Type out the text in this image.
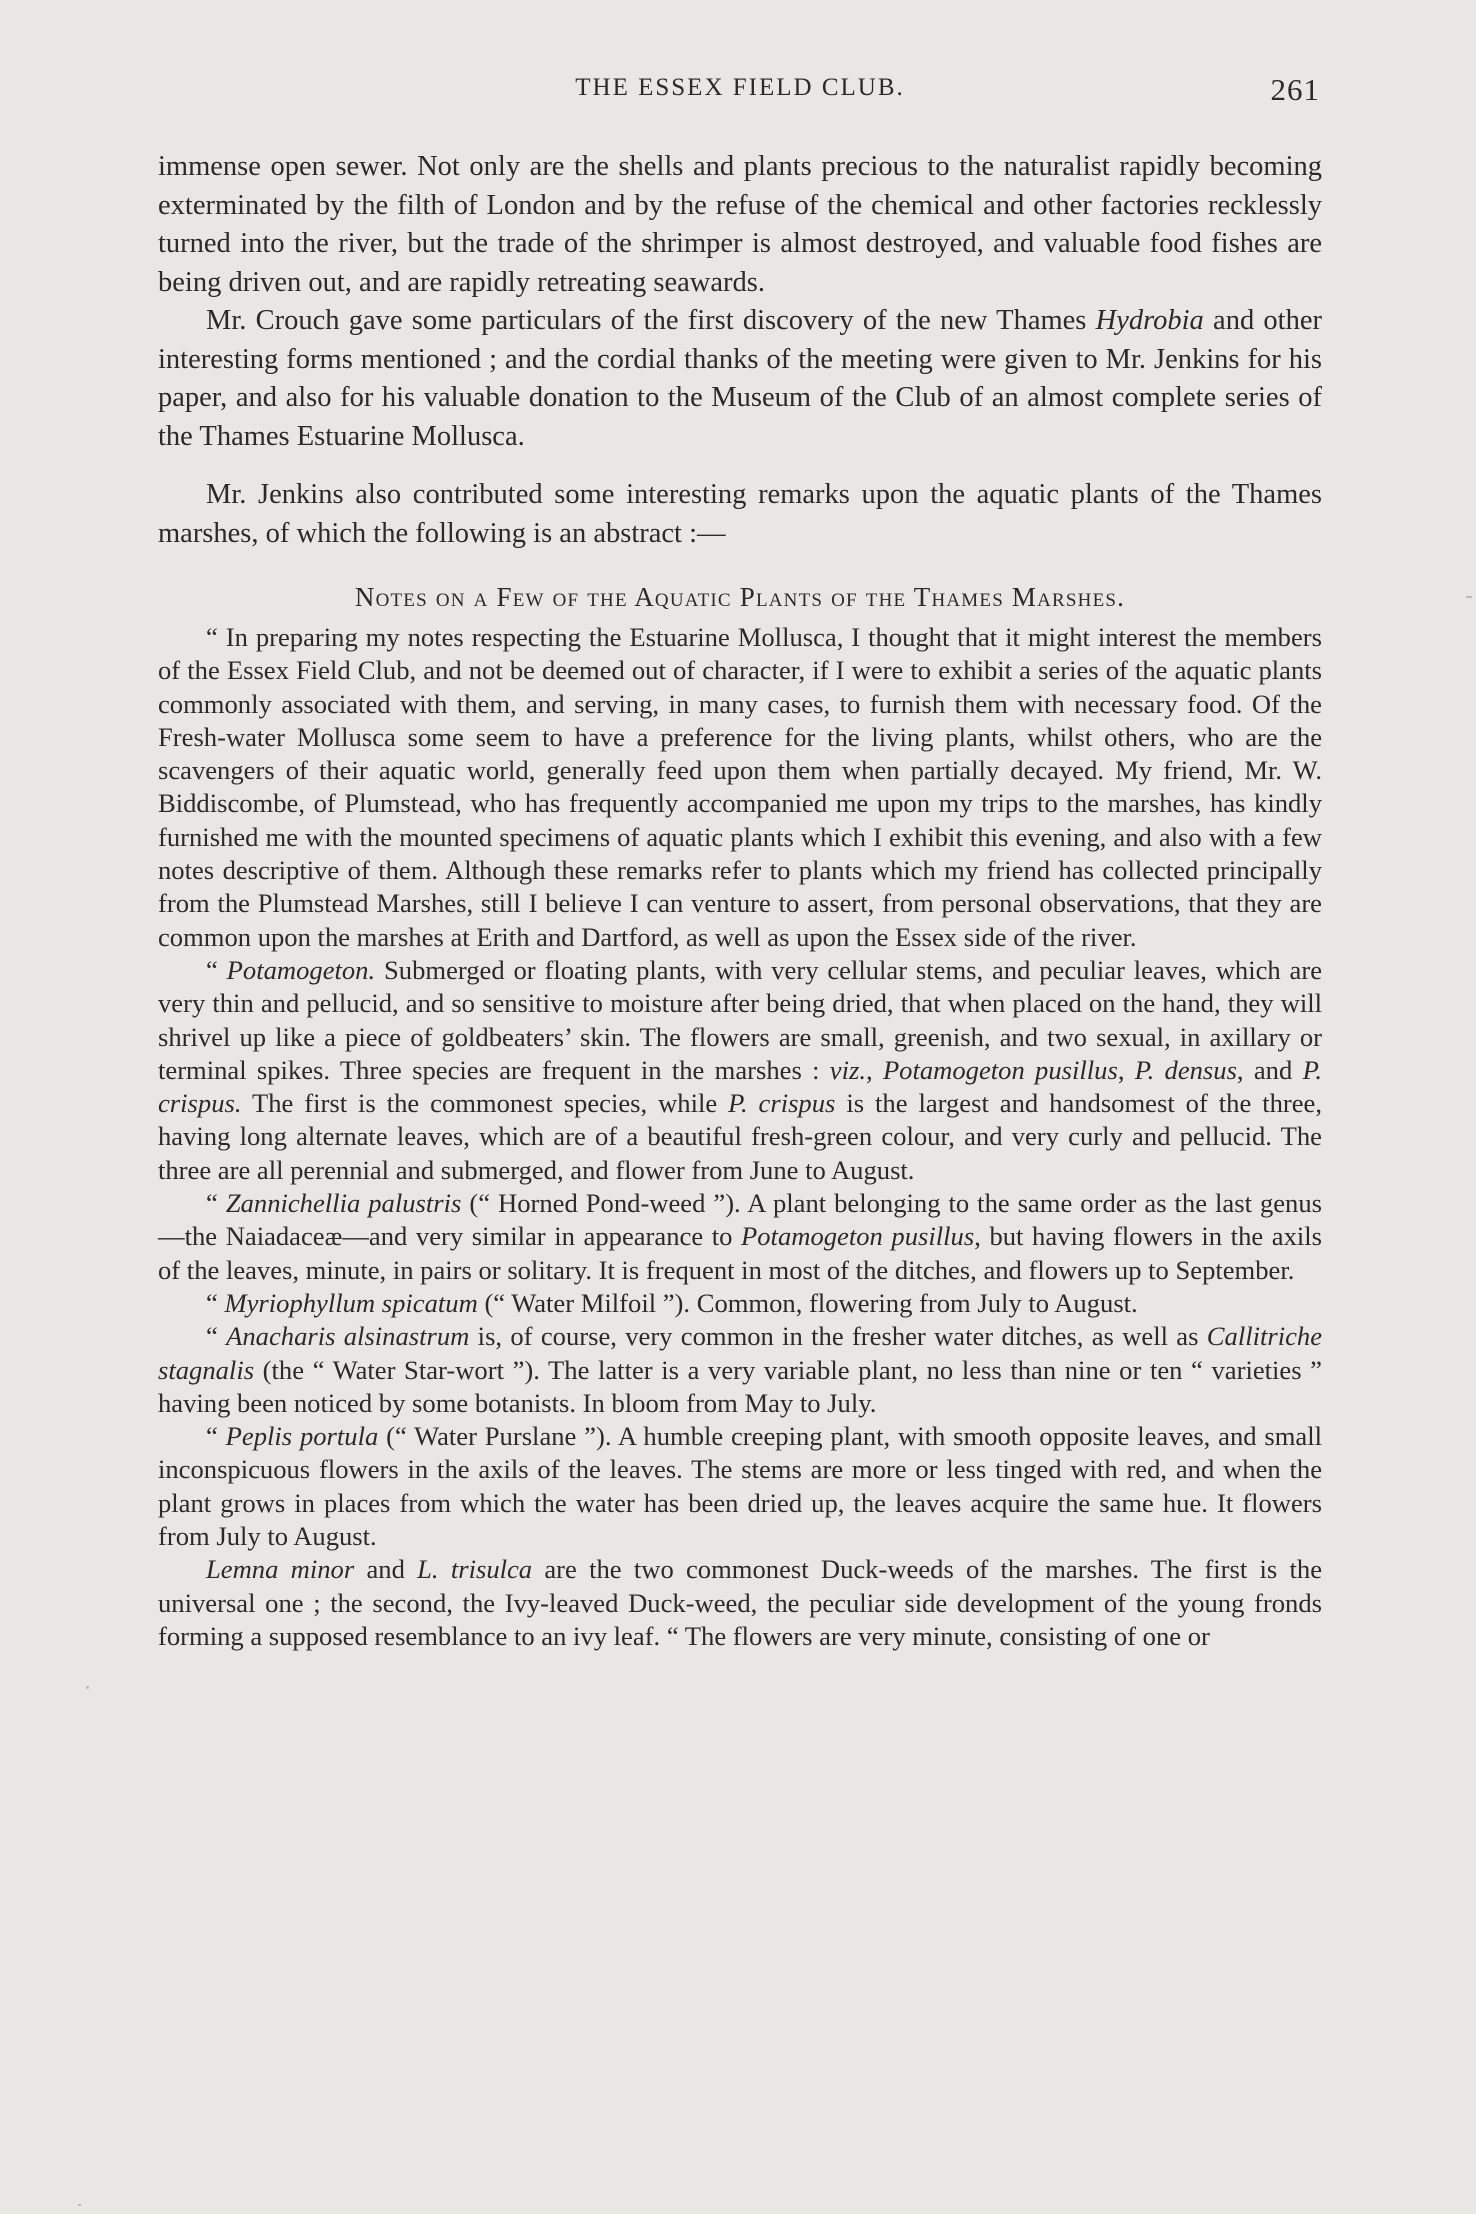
THE ESSEX FIELD CLUB.	261

immense open sewer. Not only are the shells and plants precious to the naturalist rapidly becoming exterminated by the filth of London and by the refuse of the chemical and other factories recklessly turned into the river, but the trade of the shrimper is almost destroyed, and valuable food fishes are being driven out, and are rapidly retreating seawards.

Mr. Crouch gave some particulars of the first discovery of the new Thames Hydrobia and other interesting forms mentioned ; and the cordial thanks of the meeting were given to Mr. Jenkins for his paper, and also for his valuable donation to the Museum of the Club of an almost complete series of the Thames Estuarine Mollusca.

Mr. Jenkins also contributed some interesting remarks upon the aquatic plants of the Thames marshes, of which the following is an abstract :—

Notes on a Few of the Aquatic Plants of the Thames Marshes.

“ In preparing my notes respecting the Estuarine Mollusca, I thought that it might interest the members of the Essex Field Club, and not be deemed out of character, if I were to exhibit a series of the aquatic plants commonly associated with them, and serving, in many cases, to furnish them with necessary food. Of the Fresh-water Mollusca some seem to have a preference for the living plants, whilst others, who are the scavengers of their aquatic world, generally feed upon them when partially decayed. My friend, Mr. W. Biddiscombe, of Plumstead, who has frequently accompanied me upon my trips to the marshes, has kindly furnished me with the mounted specimens of aquatic plants which I exhibit this evening, and also with a few notes descriptive of them. Although these remarks refer to plants which my friend has collected principally from the Plumstead Marshes, still I believe I can venture to assert, from personal observations, that they are common upon the marshes at Erith and Dartford, as well as upon the Essex side of the river.

“ Potamogeton. Submerged or floating plants, with very cellular stems, and peculiar leaves, which are very thin and pellucid, and so sensitive to moisture after being dried, that when placed on the hand, they will shrivel up like a piece of goldbeaters’ skin. The flowers are small, greenish, and two sexual, in axillary or terminal spikes. Three species are frequent in the marshes : viz., Potamogeton pusillus, P. densus, and P. crispus. The first is the commonest species, while P. crispus is the largest and handsomest of the three, having long alternate leaves, which are of a beautiful fresh-green colour, and very curly and pellucid. The three are all perennial and submerged, and flower from June to August.

“ Zannichellia palustris (“ Horned Pond-weed ”). A plant belonging to the same order as the last genus—the Naiadaceæ—and very similar in appearance to Potamogeton pusillus, but having flowers in the axils of the leaves, minute, in pairs or solitary. It is frequent in most of the ditches, and flowers up to September.

“ Myriophyllum spicatum (“ Water Milfoil ”). Common, flowering from July to August.

“ Anacharis alsinastrum is, of course, very common in the fresher water ditches, as well as Callitriche stagnalis (the “ Water Star-wort ”). The latter is a very variable plant, no less than nine or ten “ varieties ” having been noticed by some botanists. In bloom from May to July.

“ Peplis portula (“ Water Purslane ”). A humble creeping plant, with smooth opposite leaves, and small inconspicuous flowers in the axils of the leaves. The stems are more or less tinged with red, and when the plant grows in places from which the water has been dried up, the leaves acquire the same hue. It flowers from July to August.

Lemna minor and L. trisulca are the two commonest Duck-weeds of the marshes. The first is the universal one ; the second, the Ivy-leaved Duck-weed, the peculiar side development of the young fronds forming a supposed resemblance to an ivy leaf. “ The flowers are very minute, consisting of one or
